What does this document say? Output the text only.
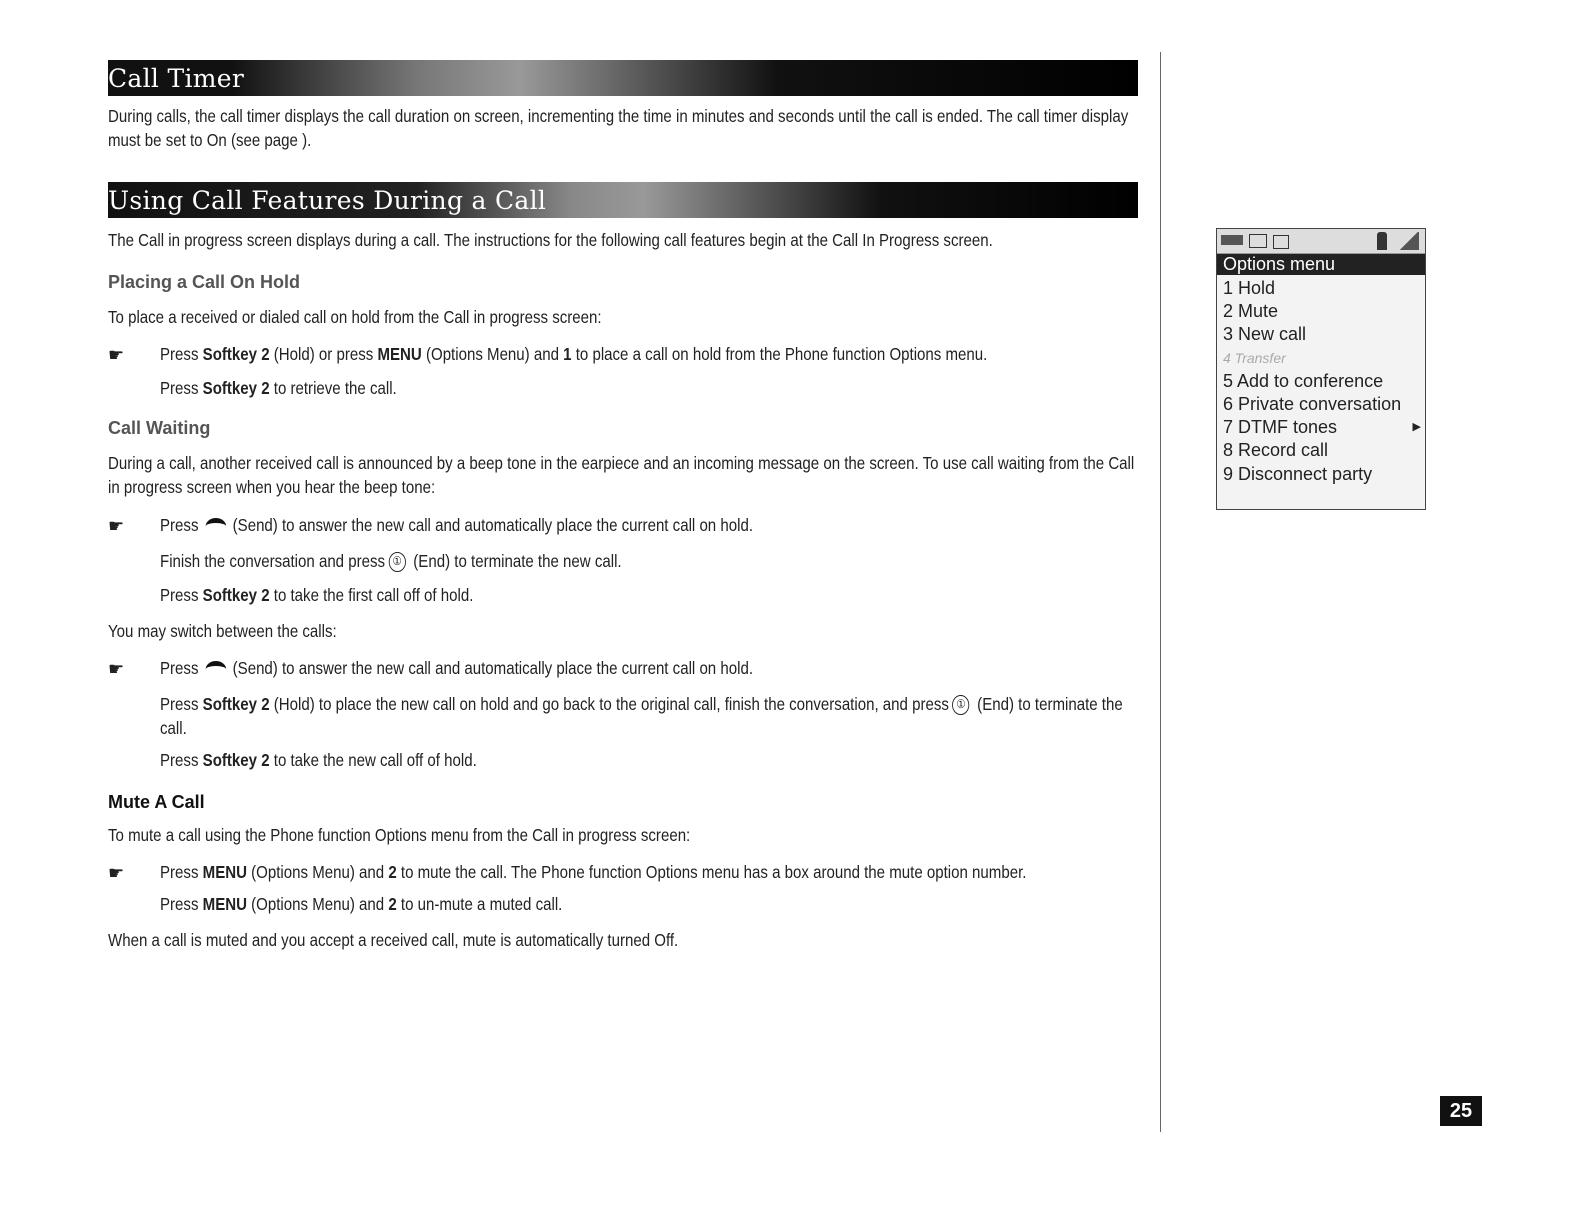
Call Timer

During calls, the call timer displays the call duration on screen, incrementing the time in minutes and seconds until the call is ended. The call timer display must be set to On (see page ).

Using Call Features During a Call

The Call in progress screen displays during a call. The instructions for the following call features begin at the Call In Progress screen.

Placing a Call On Hold

To place a received or dialed call on hold from the Call in progress screen:

☛ Press Softkey 2 (Hold) or press MENU (Options Menu) and 1 to place a call on hold from the Phone function Options menu.

Press Softkey 2 to retrieve the call.

Call Waiting

During a call, another received call is announced by a beep tone in the earpiece and an incoming message on the screen. To use call waiting from the Call in progress screen when you hear the beep tone:

☛ Press  (Send) to answer the new call and automatically place the current call on hold.

Finish the conversation and press ① (End) to terminate the new call.

Press Softkey 2 to take the first call off of hold.

You may switch between the calls:

☛ Press  (Send) to answer the new call and automatically place the current call on hold.

Press Softkey 2 (Hold) to place the new call on hold and go back to the original call, finish the conversation, and press ① (End) to terminate the call.

Press Softkey 2 to take the new call off of hold.

Mute A Call

To mute a call using the Phone function Options menu from the Call in progress screen:

☛ Press MENU (Options Menu) and 2 to mute the call. The Phone function Options menu has a box around the mute option number.

Press MENU (Options Menu) and 2 to un-mute a muted call.

When a call is muted and you accept a received call, mute is automatically turned Off.

Options menu
1 Hold
2 Mute
3 New call
4 Transfer
5 Add to conference
6 Private conversation
7 DTMF tones	▶
8 Record call
9 Disconnect party
25
